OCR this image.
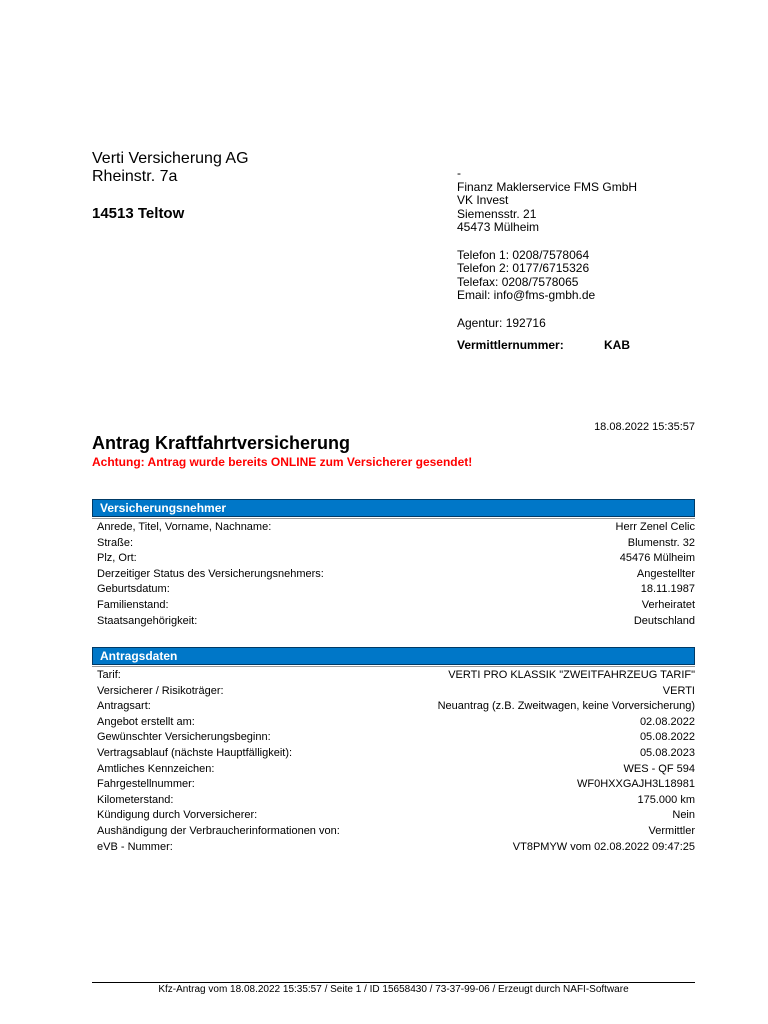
Verti Versicherung AG
Rheinstr. 7a
14513 Teltow
-
Finanz Maklerservice FMS GmbH
VK Invest
Siemensstr. 21
45473 Mülheim
Telefon 1: 0208/7578064
Telefon 2: 0177/6715326
Telefax: 0208/7578065
Email: info@fms-gmbh.de
Agentur: 192716
Vermittlernummer:	KAB
18.08.2022 15:35:57
Antrag Kraftfahrtversicherung
Achtung: Antrag wurde bereits ONLINE zum Versicherer gesendet!
Versicherungsnehmer
Anrede, Titel, Vorname, Nachname:	Herr Zenel Celic
Straße:	Blumenstr. 32
Plz, Ort:	45476 Mülheim
Derzeitiger Status des Versicherungsnehmers:	Angestellter
Geburtsdatum:	18.11.1987
Familienstand:	Verheiratet
Staatsangehörigkeit:	Deutschland
Antragsdaten
Tarif:	VERTI PRO KLASSIK "ZWEITFAHRZEUG TARIF"
Versicherer / Risikoträger:	VERTI
Antragsart:	Neuantrag (z.B. Zweitwagen, keine Vorversicherung)
Angebot erstellt am:	02.08.2022
Gewünschter Versicherungsbeginn:	05.08.2022
Vertragsablauf (nächste Hauptfälligkeit):	05.08.2023
Amtliches Kennzeichen:	WES - QF 594
Fahrgestellnummer:	WF0HXXGAJH3L18981
Kilometerstand:	175.000 km
Kündigung durch Vorversicherer:	Nein
Aushändigung der Verbraucherinformationen von:	Vermittler
eVB - Nummer:	VT8PMYW vom 02.08.2022 09:47:25
Kfz-Antrag vom 18.08.2022 15:35:57 / Seite 1 / ID 15658430 / 73-37-99-06 / Erzeugt durch NAFI-Software
